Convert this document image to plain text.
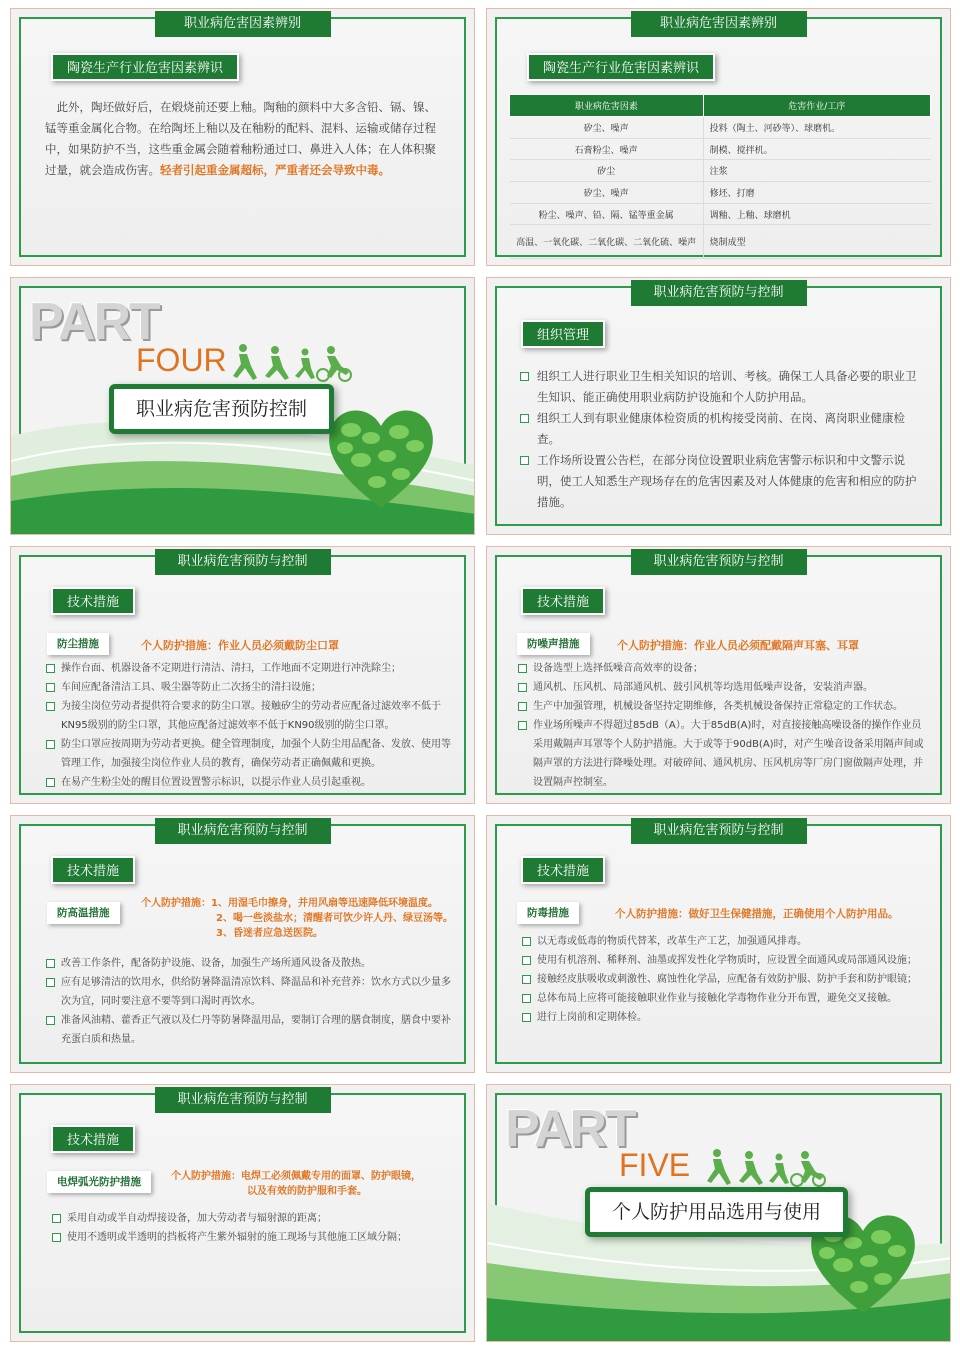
职业病危害因素辨别
陶瓷生产行业危害因素辨识
此外，陶坯做好后，在煅烧前还要上釉。陶釉的颜料中大多含铅、镉、镍、锰等重金属化合物。在给陶坯上釉以及在釉粉的配料、混料、运输或储存过程中，如果防护不当，这些重金属会随着釉粉通过口、鼻进入人体；在人体积聚过量，就会造成伤害。轻者引起重金属超标，严重者还会导致中毒。
职业病危害因素辨别
陶瓷生产行业危害因素辨识
职业病危害因素	危害作业/工序
矽尘、噪声	投料（陶土、河砂等）、球磨机。
石膏粉尘、噪声	制模、搅拌机。
矽尘	注浆
矽尘、噪声	修坯、打磨
粉尘、噪声、铅、隔、锰等重金属	调釉、上釉、球磨机
高温、一氧化碳、二氧化碳、二氧化硫、噪声	烧制成型
PART
FOUR
职业病危害预防控制
职业病危害预防与控制
组织管理
组织工人进行职业卫生相关知识的培训、考核。确保工人具备必要的职业卫生知识、能正确使用职业病防护设施和个人防护用品。
组织工人到有职业健康体检资质的机构接受岗前、在岗、离岗职业健康检查。
工作场所设置公告栏，在部分岗位设置职业病危害警示标识和中文警示说明，使工人知悉生产现场存在的危害因素及对人体健康的危害和相应的防护措施。
职业病危害预防与控制
技术措施
防尘措施	个人防护措施：作业人员必须戴防尘口罩
操作台面、机器设备不定期进行清洁、清扫，工作地面不定期进行冲洗除尘；
车间应配备清洁工具、吸尘器等防止二次扬尘的清扫设施；
为接尘岗位劳动者提供符合要求的防尘口罩。接触矽尘的劳动者应配备过滤效率不低于KN95级别的防尘口罩，其他应配备过滤效率不低于KN90级别的防尘口罩。
防尘口罩应按周期为劳动者更换。健全管理制度，加强个人防尘用品配备、发放、使用等管理工作，加强接尘岗位作业人员的教育，确保劳动者正确佩戴和更换。
在易产生粉尘处的醒目位置设置警示标识，以提示作业人员引起重视。
职业病危害预防与控制
技术措施
防噪声措施	个人防护措施：作业人员必须配戴隔声耳塞、耳罩
设备选型上选择低噪音高效率的设备；
通风机、压风机、局部通风机、鼓引风机等均选用低噪声设备，安装消声器。
生产中加强管理，机械设备坚持定期维修，各类机械设备保持正常稳定的工作状态。
作业场所噪声不得超过85dB（A）。大于85dB(A)时，对直接接触高噪设备的操作作业员采用戴隔声耳罩等个人防护措施。大于或等于90dB(A)时，对产生噪音设备采用隔声间或隔声罩的方法进行降噪处理。对破碎间、通风机房、压风机房等厂房门窗做隔声处理，并设置隔声控制室。
职业病危害预防与控制
技术措施
防高温措施
个人防护措施：1、用湿毛巾擦身，并用风扇等迅速降低环境温度。
2、喝一些淡盐水；清醒者可饮少许人丹、绿豆汤等。
3、昏迷者应急送医院。
改善工作条件，配备防护设施、设备，加强生产场所通风设备及散热。
应有足够清洁的饮用水，供给防暑降温清凉饮料、降温品和补充营养：饮水方式以少量多次为宜，同时要注意不要等到口渴时再饮水。
准备风油精、藿香正气液以及仁丹等防暑降温用品，要制订合理的膳食制度，膳食中要补充蛋白质和热量。
职业病危害预防与控制
技术措施
防毒措施	个人防护措施：做好卫生保健措施，正确使用个人防护用品。
以无毒或低毒的物质代替苯，改革生产工艺，加强通风排毒。
使用有机溶剂、稀释剂、油墨或挥发性化学物质时，应设置全面通风或局部通风设施；
接触经皮肤吸收或刺激性、腐蚀性化学品，应配备有效防护服、防护手套和防护眼镜；
总体布局上应将可能接触职业作业与接触化学毒物作业分开布置，避免交叉接触。
进行上岗前和定期体检。
职业病危害预防与控制
技术措施
电焊弧光防护措施	个人防护措施：电焊工必须佩戴专用的面罩、防护眼镜，
以及有效的防护服和手套。
采用自动或半自动焊接设备，加大劳动者与辐射源的距离；
使用不透明或半透明的挡板将产生紫外辐射的施工现场与其他施工区域分隔；
PART
FIVE
个人防护用品选用与使用
